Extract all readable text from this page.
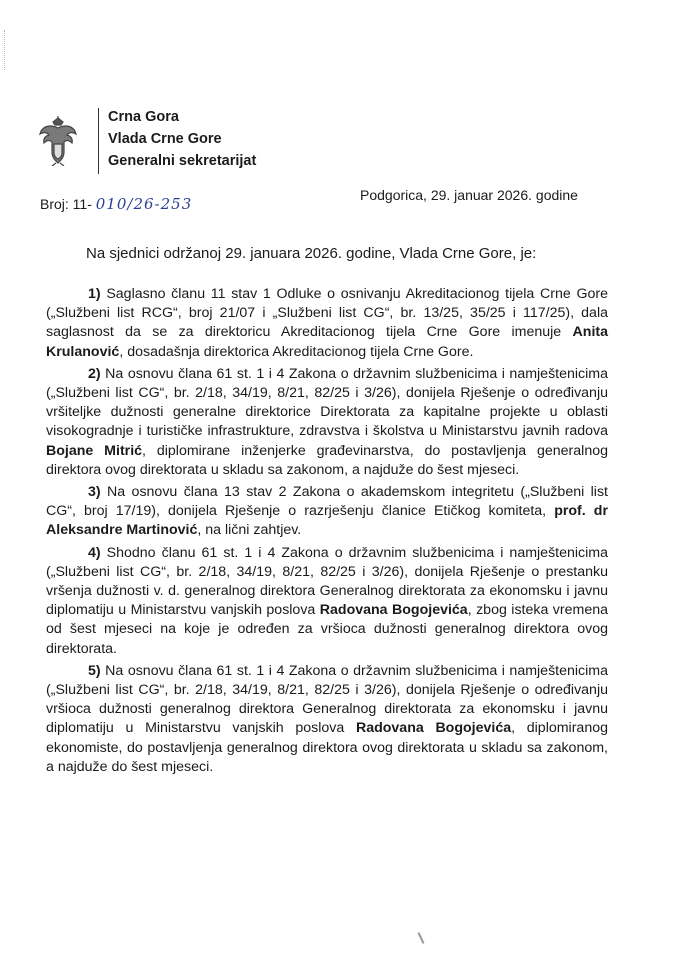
Crna Gora
Vlada Crne Gore
Generalni sekretarijat
Broj: 11- 010/26-253	Podgorica, 29. januar 2026. godine
Na sjednici održanoj 29. januara 2026. godine, Vlada Crne Gore, je:

1) Saglasno članu 11 stav 1 Odluke o osnivanju Akreditacionog tijela Crne Gore („Službeni list RCG“, broj 21/07 i „Službeni list CG“, br. 13/25, 35/25 i 117/25), dala saglasnost da se za direktoricu Akreditacionog tijela Crne Gore imenuje Anita Krulanović, dosadašnja direktorica Akreditacionog tijela Crne Gore.

2) Na osnovu člana 61 st. 1 i 4 Zakona o državnim službenicima i namještenicima („Službeni list CG“, br. 2/18, 34/19, 8/21, 82/25 i 3/26), donijela Rješenje o određivanju vršiteljke dužnosti generalne direktorice Direktorata za kapitalne projekte u oblasti visokogradnje i turističke infrastrukture, zdravstva i školstva u Ministarstvu javnih radova Bojane Mitrić, diplomirane inženjerke građevinarstva, do postavljenja generalnog direktora ovog direktorata u skladu sa zakonom, a najduže do šest mjeseci.

3) Na osnovu člana 13 stav 2 Zakona o akademskom integritetu („Službeni list CG“, broj 17/19), donijela Rješenje o razrješenju članice Etičkog komiteta, prof. dr Aleksandre Martinović, na lični zahtjev.

4) Shodno članu 61 st. 1 i 4 Zakona o državnim službenicima i namještenicima („Službeni list CG“, br. 2/18, 34/19, 8/21, 82/25 i 3/26), donijela Rješenje o prestanku vršenja dužnosti v. d. generalnog direktora Generalnog direktorata za ekonomsku i javnu diplomatiju u Ministarstvu vanjskih poslova Radovana Bogojevića, zbog isteka vremena od šest mjeseci na koje je određen za vršioca dužnosti generalnog direktora ovog direktorata.

5) Na osnovu člana 61 st. 1 i 4 Zakona o državnim službenicima i namještenicima („Službeni list CG“, br. 2/18, 34/19, 8/21, 82/25 i 3/26), donijela Rješenje o određivanju vršioca dužnosti generalnog direktora Generalnog direktorata za ekonomsku i javnu diplomatiju u Ministarstvu vanjskih poslova Radovana Bogojevića, diplomiranog ekonomiste, do postavljenja generalnog direktora ovog direktorata u skladu sa zakonom, a najduže do šest mjeseci.
